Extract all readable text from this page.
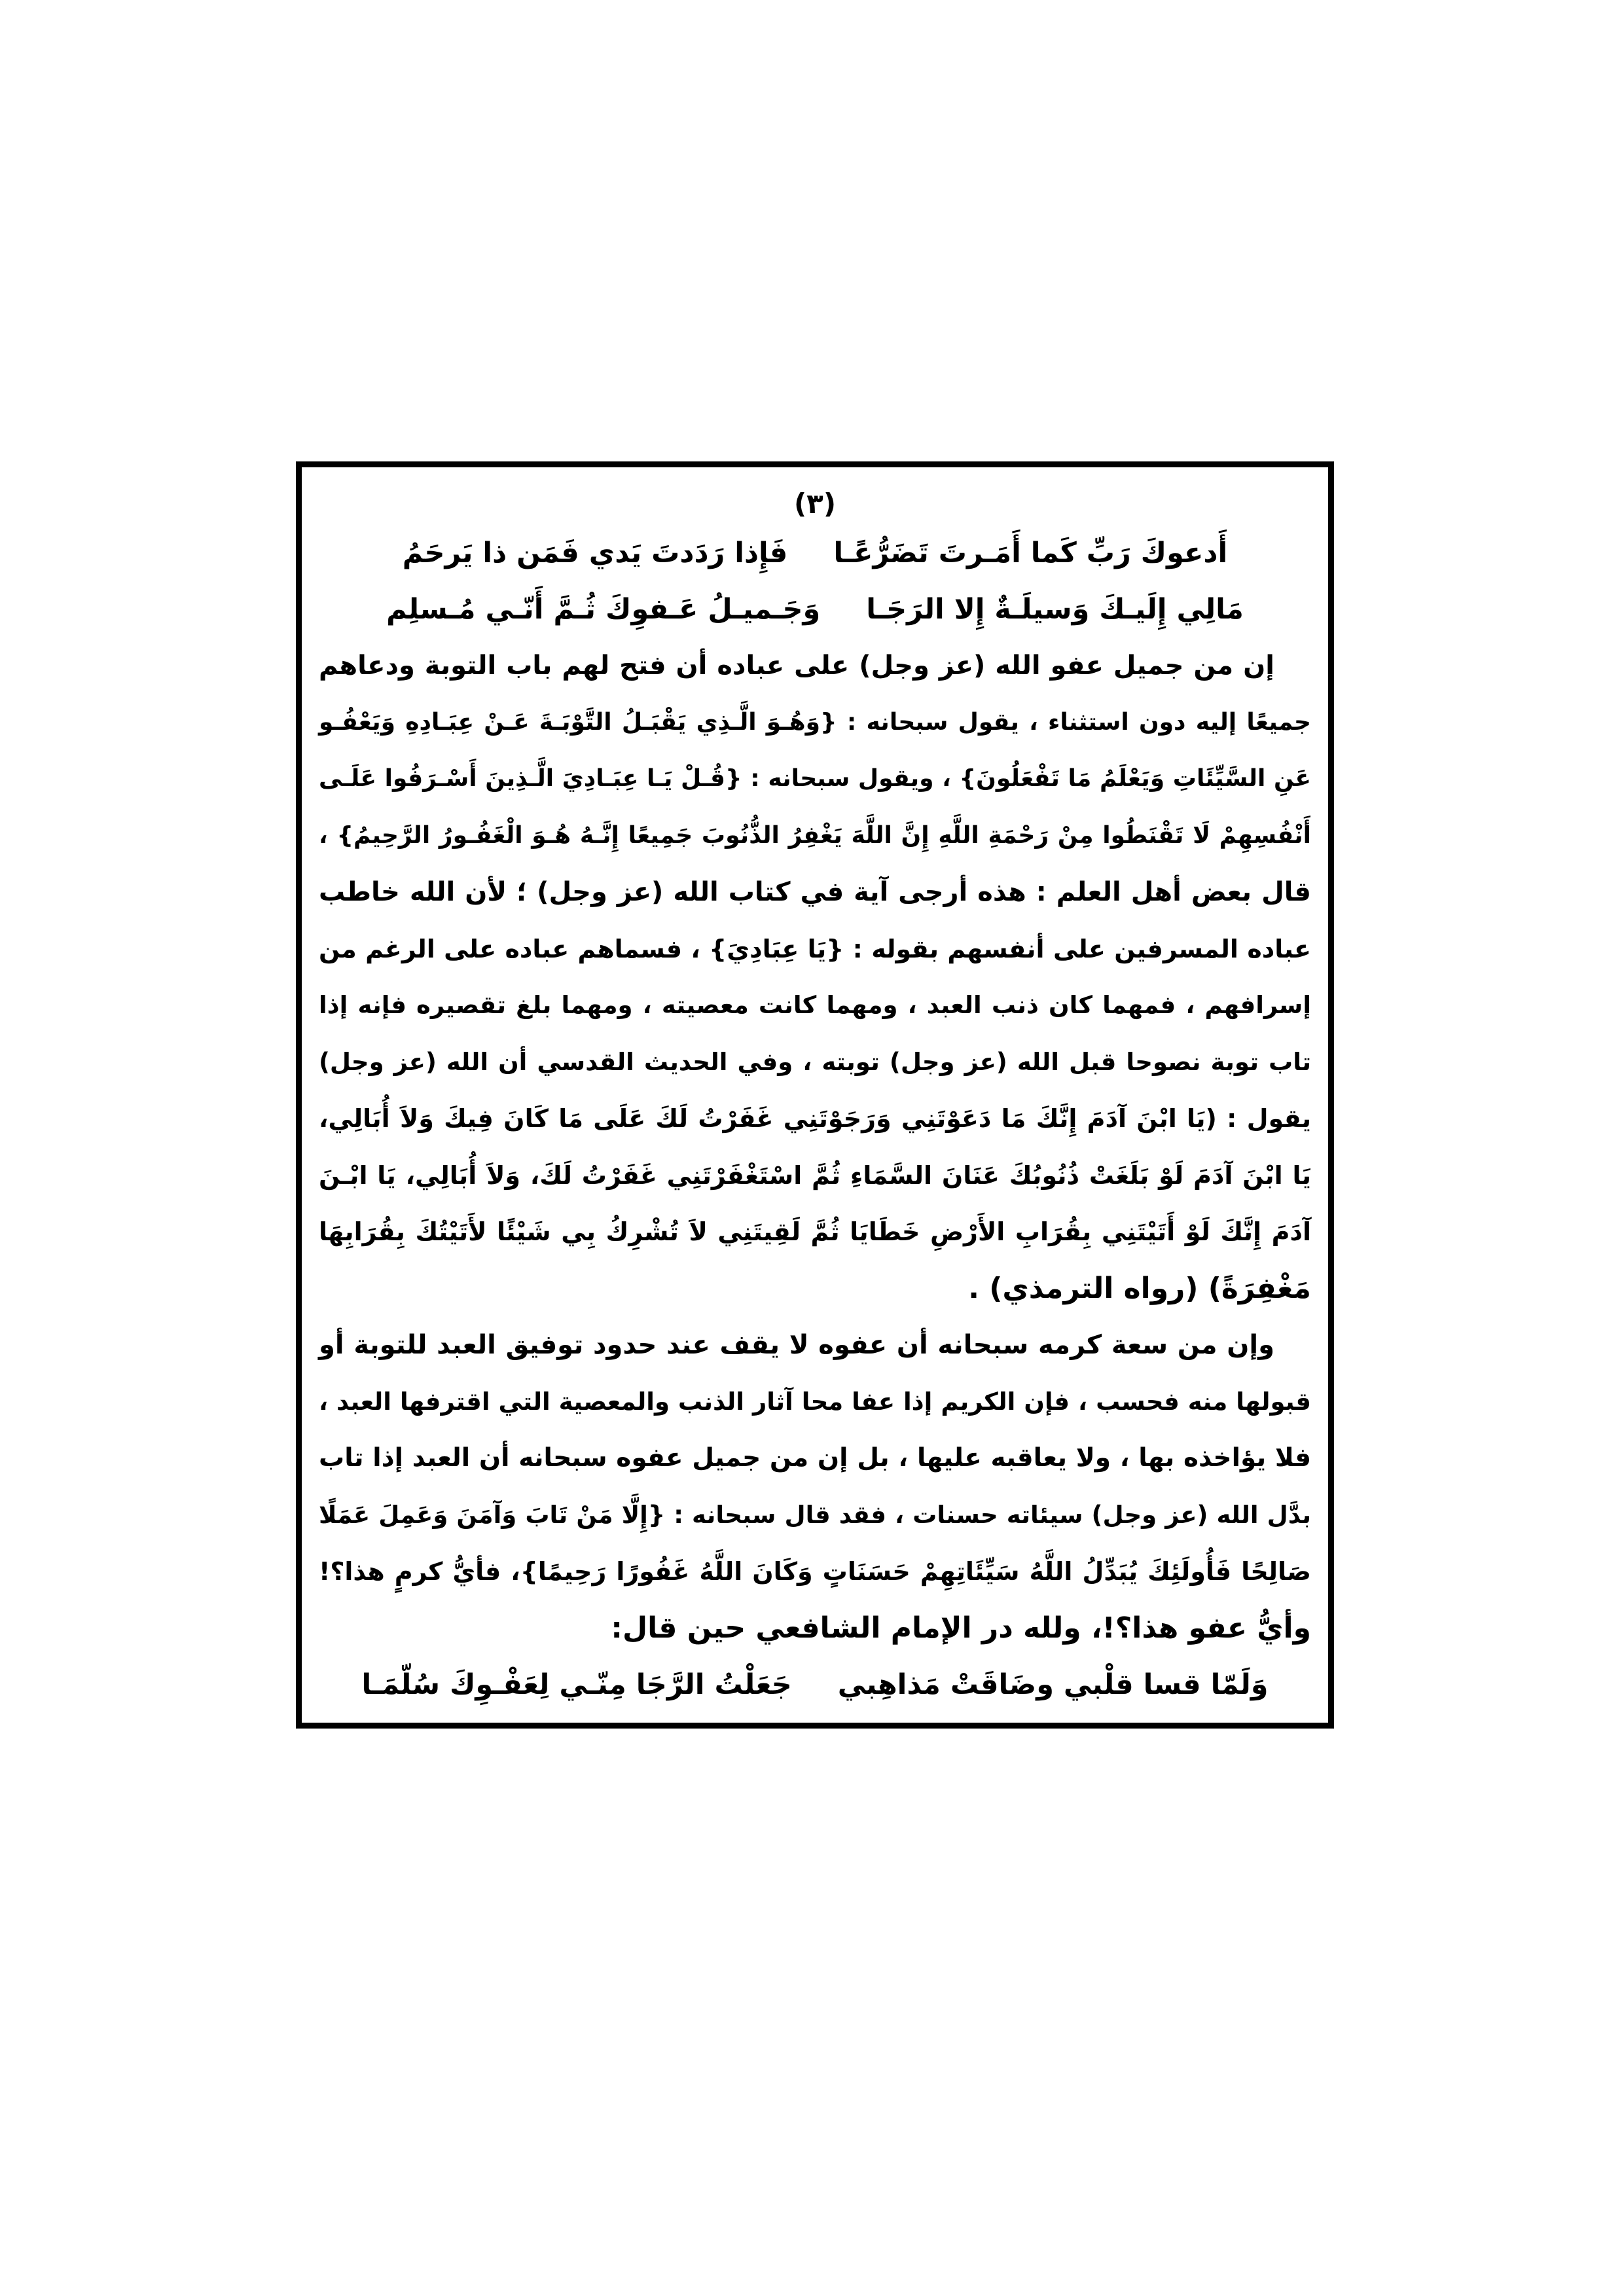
(٣)
أَدعوكَ رَبِّ كَما أَمَـرتَ تَضَرُّعًـا
فَإِذا رَدَدتَ يَدي فَمَن ذا يَرحَمُ
مَالِي إِلَيـكَ وَسيلَـةٌ إِلا الرَجَـا
وَجَـميـلُ عَـفوِكَ ثُـمَّ أَنّـي مُـسلِم
إن من جميل عفو الله (عز وجل) على عباده أن فتح لهم باب التوبة ودعاهم
جميعًا إليه دون استثناء ، يقول سبحانه : {وَهُـوَ الَّـذِي يَقْبَـلُ التَّوْبَـةَ عَـنْ عِبَـادِهِ وَيَعْفُـو
عَنِ السَّيِّئَاتِ وَيَعْلَمُ مَا تَفْعَلُونَ} ، ويقول سبحانه : {قُـلْ يَـا عِبَـادِيَ الَّـذِينَ أَسْـرَفُوا عَلَـى
أَنْفُسِهِمْ لَا تَقْنَطُوا مِنْ رَحْمَةِ اللَّهِ إِنَّ اللَّهَ يَغْفِرُ الذُّنُوبَ جَمِيعًا إِنَّـهُ هُـوَ الْغَفُـورُ الرَّحِيمُ} ،
قال بعض أهل العلم : هذه أرجى آية في كتاب الله (عز وجل) ؛ لأن الله خاطب
عباده المسرفين على أنفسهم بقوله : {يَا عِبَادِيَ} ، فسماهم عباده على الرغم من
إسرافهم ، فمهما كان ذنب العبد ، ومهما كانت معصيته ، ومهما بلغ تقصيره فإنه إذا
تاب توبة نصوحا قبل الله (عز وجل) توبته ، وفي الحديث القدسي أن الله (عز وجل)
يقول : (يَا ابْنَ آدَمَ إِنَّكَ مَا دَعَوْتَنِي وَرَجَوْتَنِي غَفَرْتُ لَكَ عَلَى مَا كَانَ فِيكَ وَلاَ أُبَالِي،
يَا ابْنَ آدَمَ لَوْ بَلَغَتْ ذُنُوبُكَ عَنَانَ السَّمَاءِ ثُمَّ اسْتَغْفَرْتَنِي غَفَرْتُ لَكَ، وَلاَ أُبَالِي، يَا ابْـنَ
آدَمَ إِنَّكَ لَوْ أَتَيْتَنِي بِقُرَابِ الأَرْضِ خَطَايَا ثُمَّ لَقِيتَنِي لاَ تُشْرِكُ بِي شَيْئًا لأَتَيْتُكَ بِقُرَابِهَا
مَغْفِرَةً) (رواه الترمذي) .
وإن من سعة كرمه سبحانه أن عفوه لا يقف عند حدود توفيق العبد للتوبة أو
قبولها منه فحسب ، فإن الكريم إذا عفا محا آثار الذنب والمعصية التي اقترفها العبد ،
فلا يؤاخذه بها ، ولا يعاقبه عليها ، بل إن من جميل عفوه سبحانه أن العبد إذا تاب
بدَّل الله (عز وجل) سيئاته حسنات ، فقد قال سبحانه : {إِلَّا مَنْ تَابَ وَآمَنَ وَعَمِلَ عَمَلًا
صَالِحًا فَأُولَئِكَ يُبَدِّلُ اللَّهُ سَيِّئَاتِهِمْ حَسَنَاتٍ وَكَانَ اللَّهُ غَفُورًا رَحِيمًا}، فأيُّ كرمٍ هذا؟!
وأيُّ عفو هذا؟!، ولله در الإمام الشافعي حين قال:
وَلَمّا قسا قلْبي وضَاقَتْ مَذاهِبي
جَعَلْتُ الرَّجَا مِنّـي لِعَفْـوِكَ سُلّمَـا
